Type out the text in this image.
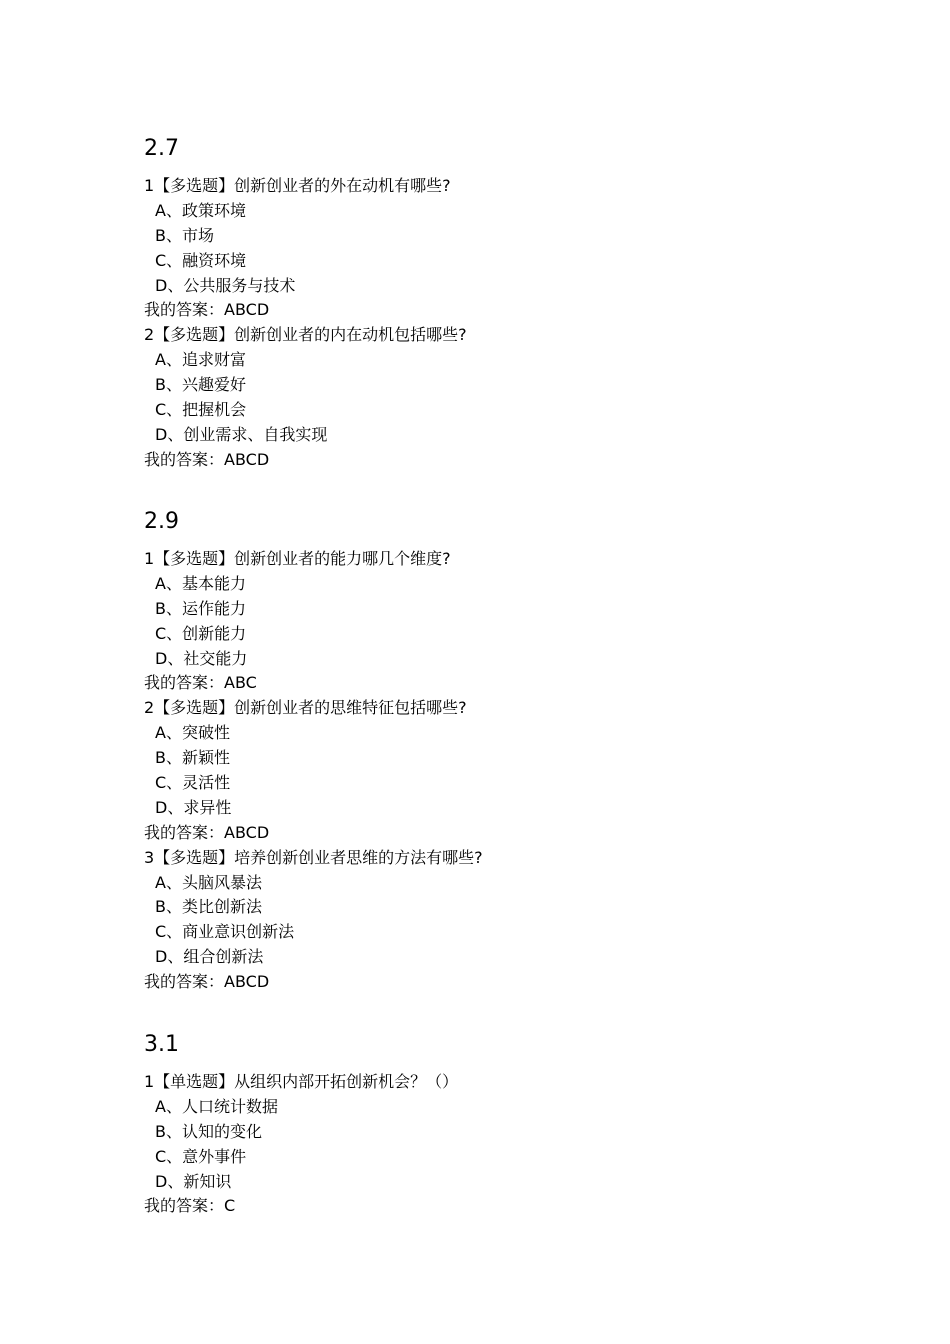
2.7
1【多选题】创新创业者的外在动机有哪些?
A、政策环境
B、市场
C、融资环境
D、公共服务与技术
我的答案：ABCD
2【多选题】创新创业者的内在动机包括哪些?
A、追求财富
B、兴趣爱好
C、把握机会
D、创业需求、自我实现
我的答案：ABCD
2.9
1【多选题】创新创业者的能力哪几个维度?
A、基本能力
B、运作能力
C、创新能力
D、社交能力
我的答案：ABC
2【多选题】创新创业者的思维特征包括哪些?
A、突破性
B、新颖性
C、灵活性
D、求异性
我的答案：ABCD
3【多选题】培养创新创业者思维的方法有哪些?
A、头脑风暴法
B、类比创新法
C、商业意识创新法
D、组合创新法
我的答案：ABCD
3.1
1【单选题】从组织内部开拓创新机会？（）
A、人口统计数据
B、认知的变化
C、意外事件
D、新知识
我的答案：C
